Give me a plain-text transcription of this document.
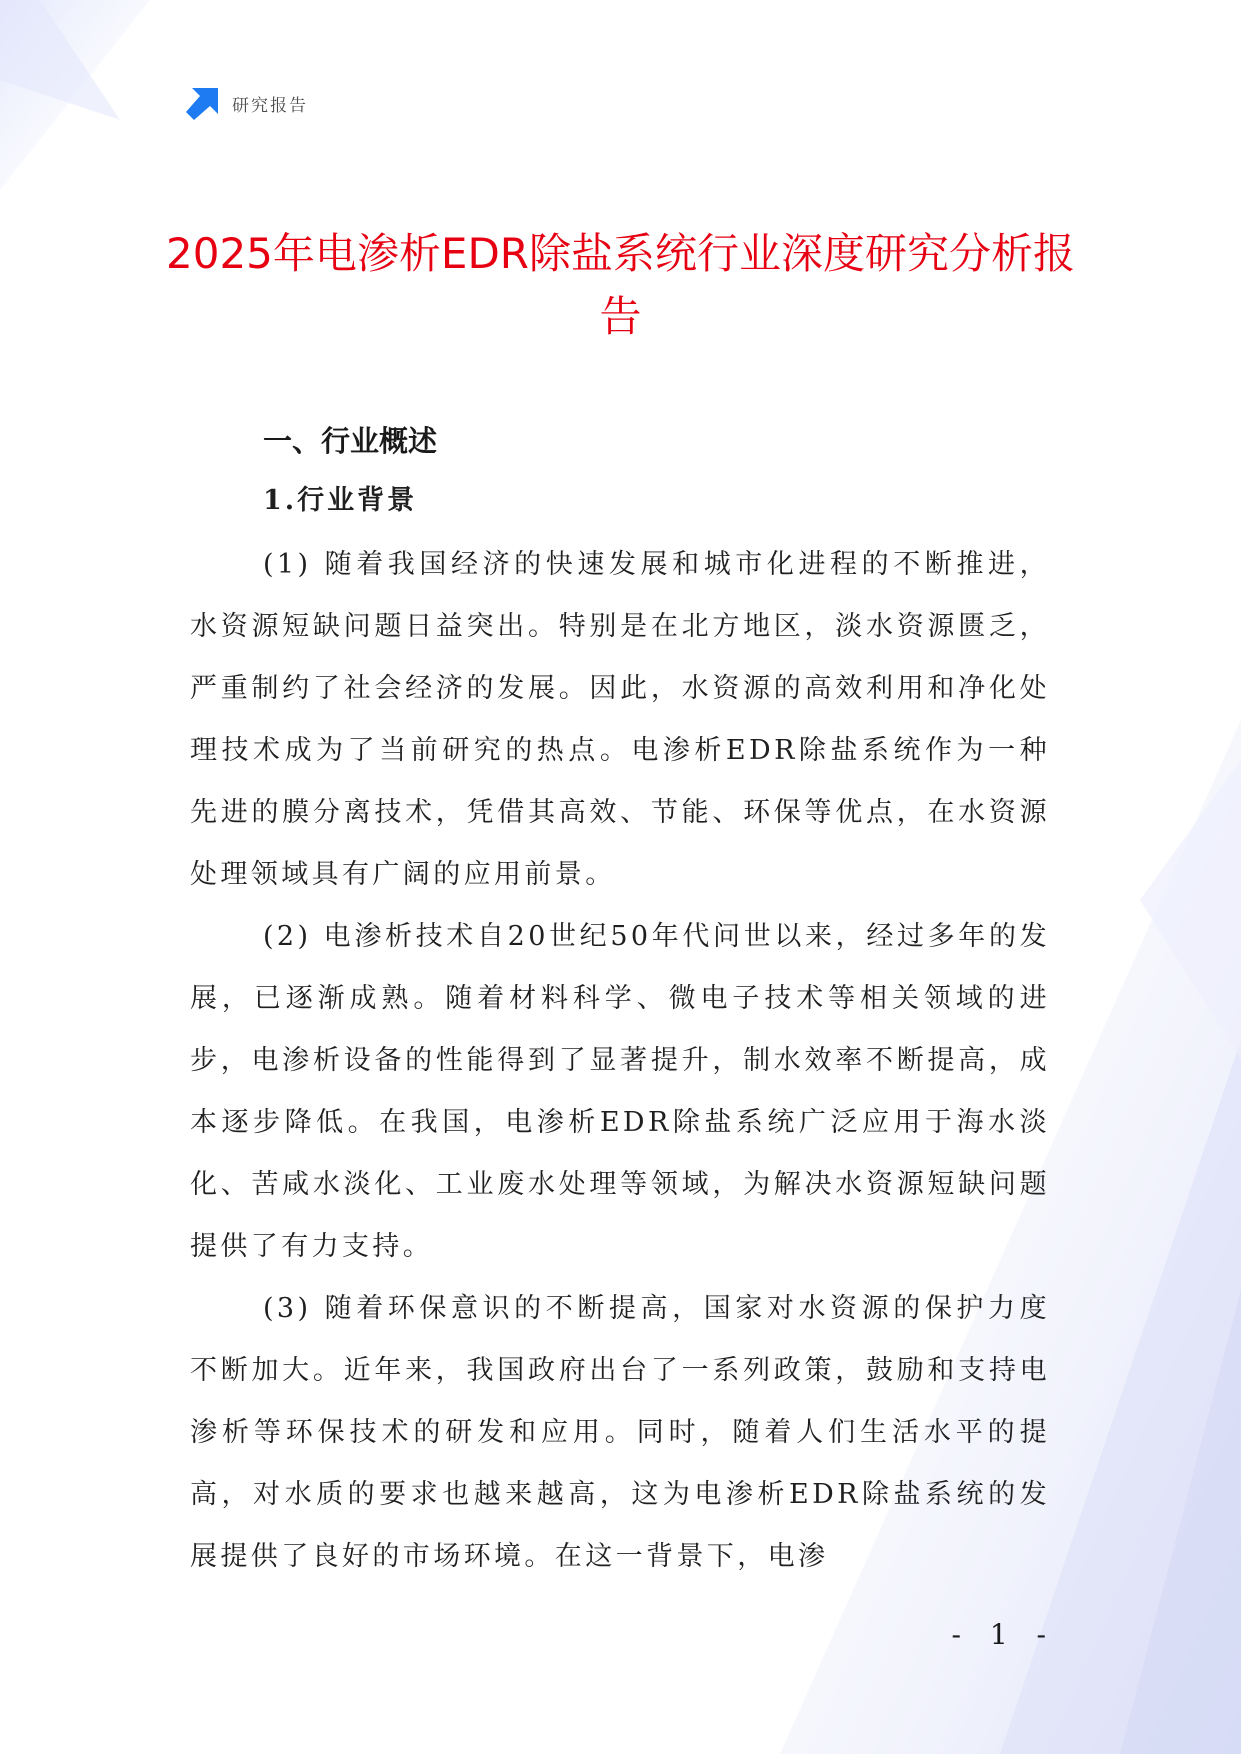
研究报告
2025年电渗析EDR除盐系统行业深度研究分析报告
一、行业概述
1.行业背景

(1) 随着我国经济的快速发展和城市化进程的不断推进，水资源短缺问题日益突出。特别是在北方地区，淡水资源匮乏，严重制约了社会经济的发展。因此，水资源的高效利用和净化处理技术成为了当前研究的热点。电渗析EDR除盐系统作为一种先进的膜分离技术，凭借其高效、节能、环保等优点，在水资源处理领域具有广阔的应用前景。

(2) 电渗析技术自20世纪50年代问世以来，经过多年的发展，已逐渐成熟。随着材料科学、微电子技术等相关领域的进步，电渗析设备的性能得到了显著提升，制水效率不断提高，成本逐步降低。在我国，电渗析EDR除盐系统广泛应用于海水淡化、苦咸水淡化、工业废水处理等领域，为解决水资源短缺问题提供了有力支持。

(3) 随着环保意识的不断提高，国家对水资源的保护力度不断加大。近年来，我国政府出台了一系列政策，鼓励和支持电渗析等环保技术的研发和应用。同时，随着人们生活水平的提高，对水质的要求也越来越高，这为电渗析EDR除盐系统的发展提供了良好的市场环境。在这一背景下，电渗

- 1 -
